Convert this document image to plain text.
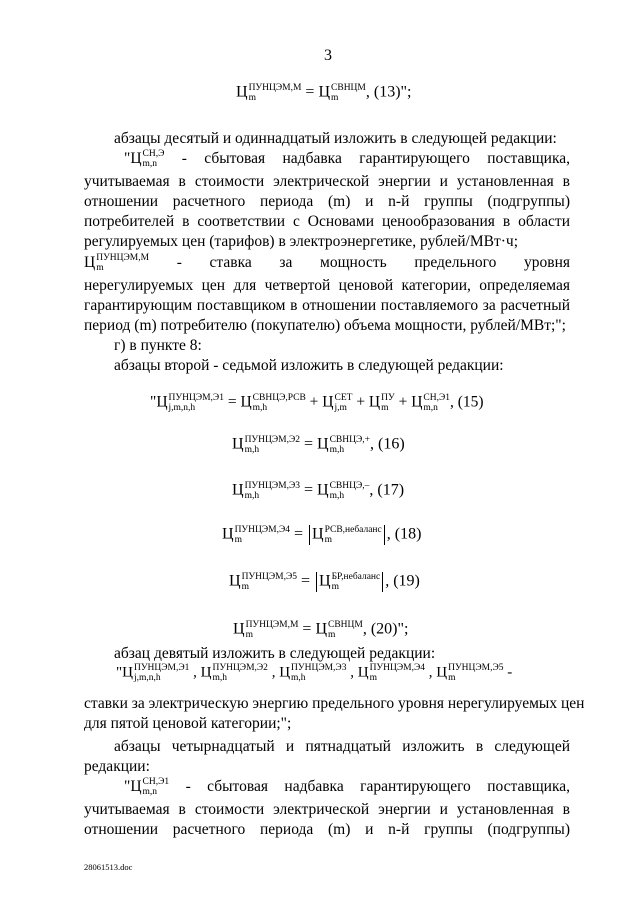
3
Ц ПУНЦЭМ,М
m	= Ц СВНЦМ
m	, (13)";
абзацы десятый и одиннадцатый изложить в следующей редакции:
"Ц СН,Э
m,n	- сбытовая надбавка гарантирующего поставщика,
учитываемая в стоимости электрической энергии и установленная в
отношении расчетного периода (m) и n-й группы (подгруппы)
потребителей в соответствии с Основами ценообразования в области
регулируемых цен (тарифов) в электроэнергетике, рублей/МВт·ч;
Ц ПУНЦЭМ,М
m	- ставка за мощность предельного уровня
нерегулируемых цен для четвертой ценовой категории, определяемая
гарантирующим поставщиком в отношении поставляемого за расчетный
период (m) потребителю (покупателю) объема мощности, рублей/МВт;";
г) в пункте 8:
абзацы второй - седьмой изложить в следующей редакции:
"Ц ПУНЦЭМ,Э1
j,m,n,h	= Ц СВНЦЭ,РСВ
m,h	+ Ц СЕТ
j,m + Ц ПУ
m + Ц СН,Э1
m,n , (15)
Ц ПУНЦЭМ,Э2
m,h	= Ц СВНЦЭ,+
m,h	, (16)
Ц ПУНЦЭМ,Э3
m,h	= Ц СВНЦЭ,–
m,h	, (17)
Ц ПУНЦЭМ,Э4
m	= Ц РСВ,небаланс
m	, (18)
Ц ПУНЦЭМ,Э5
m	= Ц БР,небаланс
m	, (19)
Ц ПУНЦЭМ,М
m	= Ц СВНЦМ
m	, (20)";
абзац девятый изложить в следующей редакции:
"Ц ПУНЦЭМ,Э1
j,m,n,h	, Ц ПУНЦЭМ,Э2
m,h	, Ц ПУНЦЭМ,Э3
m,h	, Ц ПУНЦЭМ,Э4
m	, Ц ПУНЦЭМ,Э5
m	-
ставки за электрическую энергию предельного уровня нерегулируемых цен
для пятой ценовой категории;";
абзацы четырнадцатый и пятнадцатый изложить в следующей
редакции:
"Ц СН,Э1
m,n	- сбытовая надбавка гарантирующего поставщика,
учитываемая в стоимости электрической энергии и установленная в
отношении расчетного периода (m) и n-й группы (подгруппы)
28061513.doc
